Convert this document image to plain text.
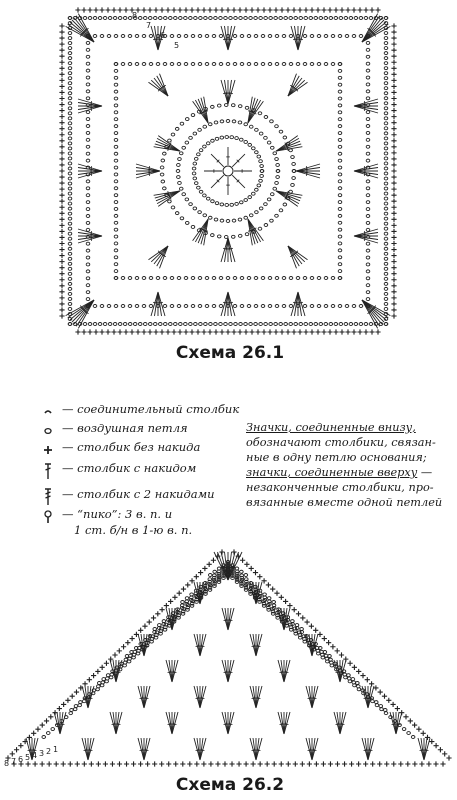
8
7
6
5
Схема 26.1
— соединительный столбик
— воздушная петля
— столбик без накида
— столбик с накидом
— столбик с 2 накидами
— “пико”: 3 в. п. и
1 ст. б/н в 1-ю в. п.
Значки, соединенные внизу,
обозначают столбики, связан-
ные в одну петлю основания;
значки, соединенные вверху —
незаконченные столбики, про-
вязанные вместе одной петлей
8 7 6 5 4 3 2 1
Схема 26.2
